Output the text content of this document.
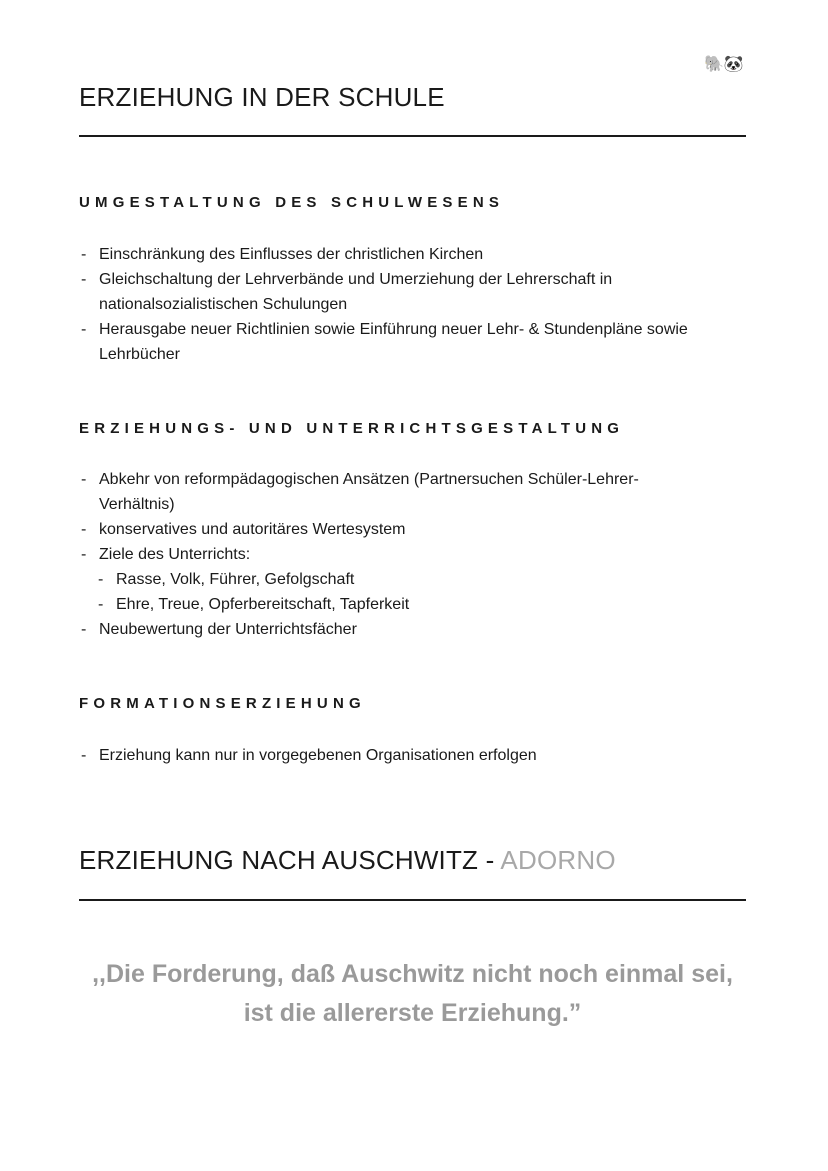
🐘🐼
ERZIEHUNG IN DER SCHULE
UMGESTALTUNG DES SCHULWESENS
- Einschränkung des Einflusses der christlichen Kirchen
- Gleichschaltung der Lehrverbände und Umerziehung der Lehrerschaft in nationalsozialistischen Schulungen
- Herausgabe neuer Richtlinien sowie Einführung neuer Lehr- & Stundenpläne sowie Lehrbücher
ERZIEHUNGS- UND UNTERRICHTSGESTALTUNG
- Abkehr von reformpädagogischen Ansätzen (Partnersuchen Schüler-Lehrer-Verhältnis)
- konservatives und autoritäres Wertesystem
- Ziele des Unterrichts:
- Rasse, Volk, Führer, Gefolgschaft
- Ehre, Treue, Opferbereitschaft, Tapferkeit
- Neubewertung der Unterrichtsfächer
FORMATIONSERZIEHUNG
- Erziehung kann nur in vorgegebenen Organisationen erfolgen
ERZIEHUNG NACH AUSCHWITZ - ADORNO

,,Die Forderung, daß Auschwitz nicht noch einmal sei, ist die allererste Erziehung.”
